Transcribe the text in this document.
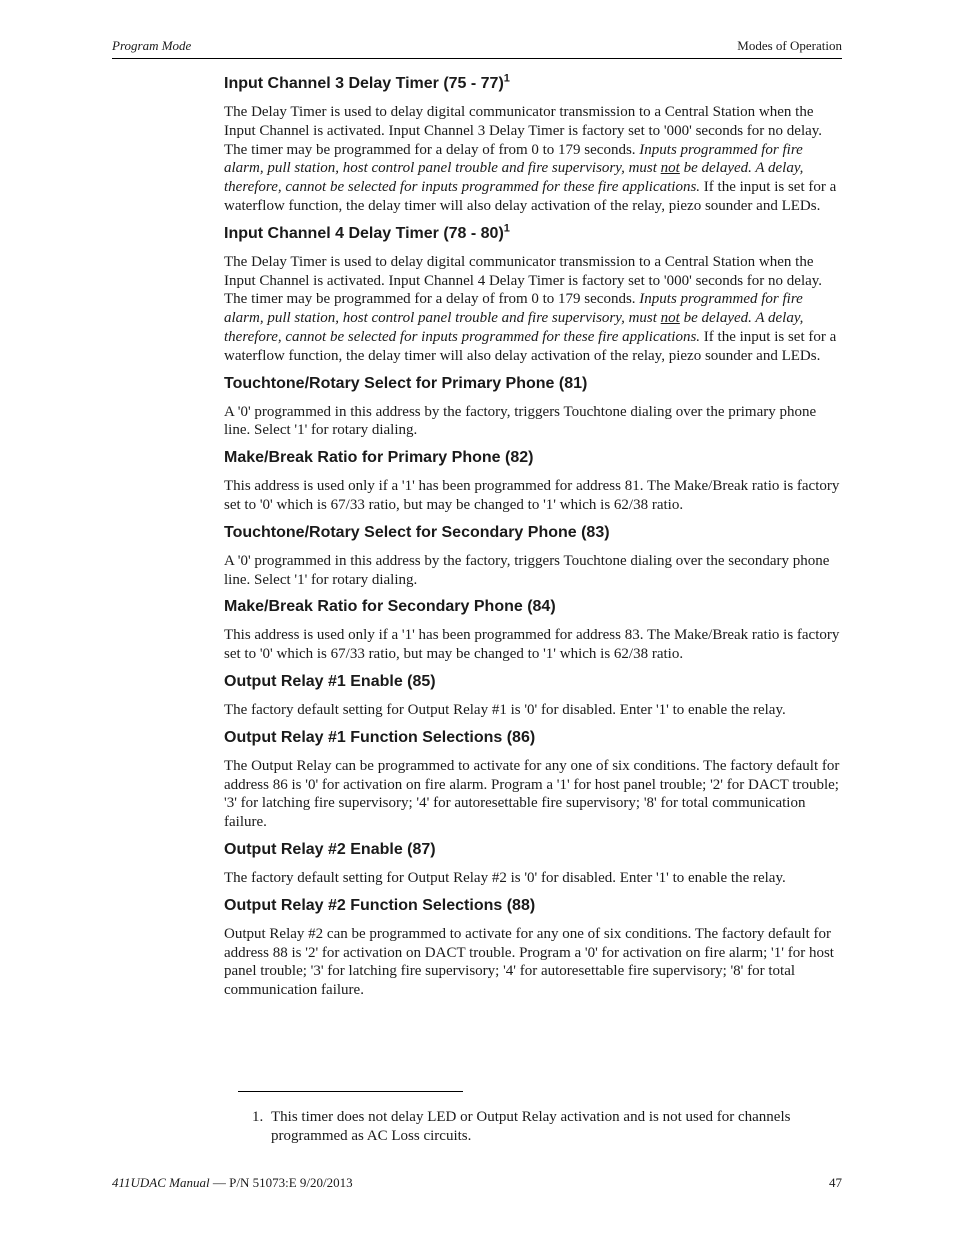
Program Mode	Modes of Operation
Input Channel 3 Delay Timer (75 - 77)$^1$

The Delay Timer is used to delay digital communicator transmission to a Central Station when the Input Channel is activated. Input Channel 3 Delay Timer is factory set to '000' seconds for no delay. The timer may be programmed for a delay of from 0 to 179 seconds. Inputs programmed for fire alarm, pull station, host control panel trouble and fire supervisory, must not be delayed. A delay, therefore, cannot be selected for inputs programmed for these fire applications. If the input is set for a waterflow function, the delay timer will also delay activation of the relay, piezo sounder and LEDs.

Input Channel 4 Delay Timer (78 - 80)$^1$

The Delay Timer is used to delay digital communicator transmission to a Central Station when the Input Channel is activated. Input Channel 4 Delay Timer is factory set to '000' seconds for no delay. The timer may be programmed for a delay of from 0 to 179 seconds. Inputs programmed for fire alarm, pull station, host control panel trouble and fire supervisory, must not be delayed. A delay, therefore, cannot be selected for inputs programmed for these fire applications. If the input is set for a waterflow function, the delay timer will also delay activation of the relay, piezo sounder and LEDs.

Touchtone/Rotary Select for Primary Phone (81)

A '0' programmed in this address by the factory, triggers Touchtone dialing over the primary phone line. Select '1' for rotary dialing.

Make/Break Ratio for Primary Phone (82)

This address is used only if a '1' has been programmed for address 81. The Make/Break ratio is factory set to '0' which is 67/33 ratio, but may be changed to '1' which is 62/38 ratio.

Touchtone/Rotary Select for Secondary Phone (83)

A '0' programmed in this address by the factory, triggers Touchtone dialing over the secondary phone line. Select '1' for rotary dialing.

Make/Break Ratio for Secondary Phone (84)

This address is used only if a '1' has been programmed for address 83. The Make/Break ratio is factory set to '0' which is 67/33 ratio, but may be changed to '1' which is 62/38 ratio.

Output Relay #1 Enable (85)

The factory default setting for Output Relay #1 is '0' for disabled. Enter '1' to enable the relay.

Output Relay #1 Function Selections (86)

The Output Relay can be programmed to activate for any one of six conditions. The factory default for address 86 is '0' for activation on fire alarm. Program a '1' for host panel trouble; '2' for DACT trouble; '3' for latching fire supervisory; '4' for autoresettable fire supervisory; '8' for total communication failure.

Output Relay #2 Enable (87)

The factory default setting for Output Relay #2 is '0' for disabled. Enter '1' to enable the relay.

Output Relay #2 Function Selections (88)

Output Relay #2 can be programmed to activate for any one of six conditions. The factory default for address 88 is '2' for activation on DACT trouble. Program a '0' for activation on fire alarm; '1' for host panel trouble; '3' for latching fire supervisory; '4' for autoresettable fire supervisory; '8' for total communication failure.

1. This timer does not delay LED or Output Relay activation and is not used for channels programmed as AC Loss circuits.
411UDAC Manual — P/N 51073:E 9/20/2013	47
